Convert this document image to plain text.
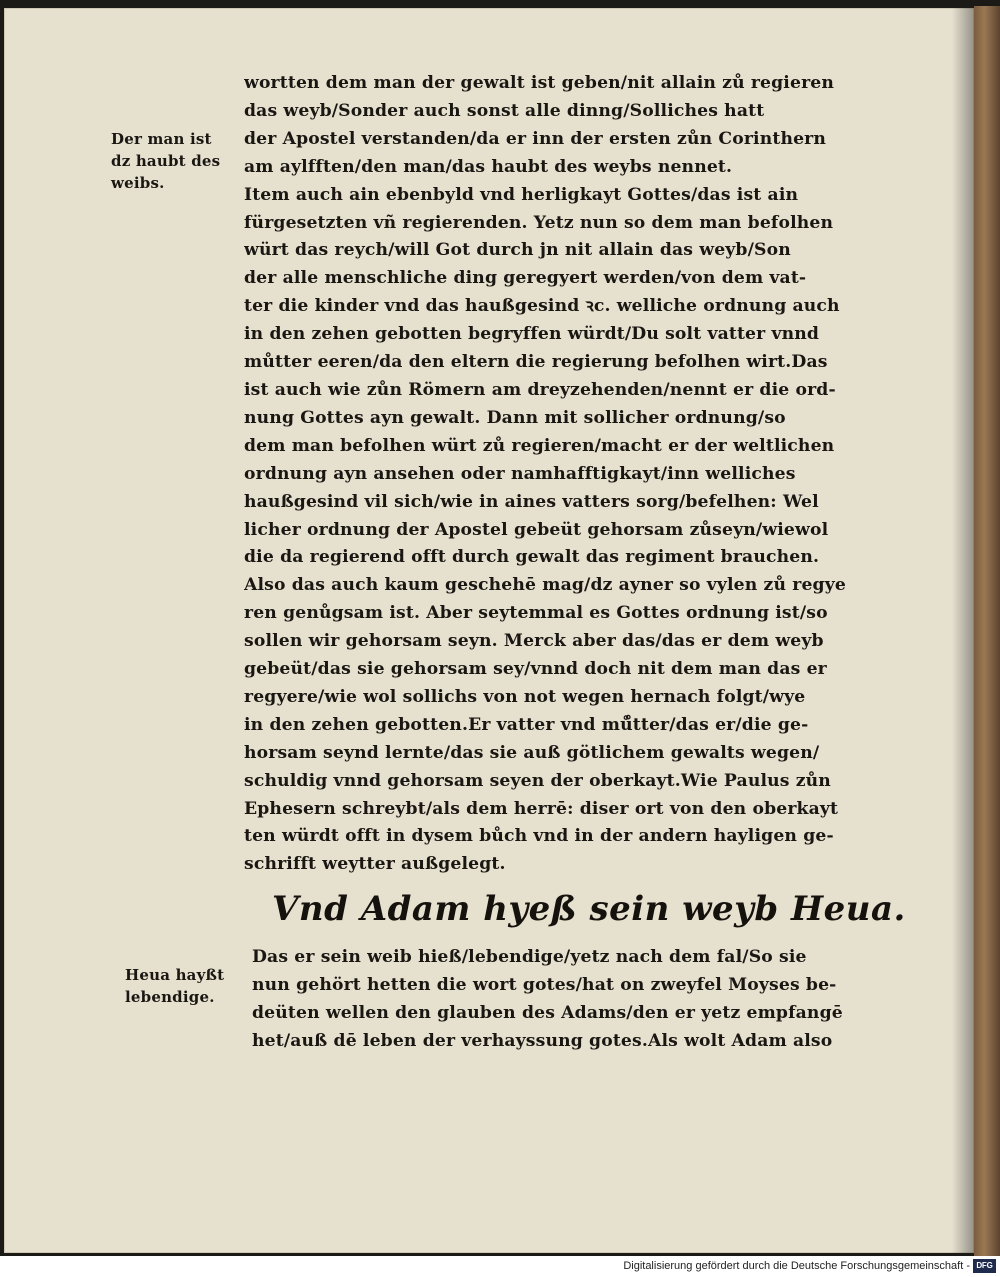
Der man ist
dz haubt des
weibs.
Heua hayßt
lebendige.
wortten dem man der gewalt ist geben/nit allain zů regieren
das weyb/Sonder auch sonst alle dinng/Solliches hatt
der Apostel verstanden/da er inn der ersten zůn Corinthern
am aylfften/den man/das haubt des weybs nennet.
Item auch ain ebenbyld vnd herligkayt Gottes/das ist ain
fürgesetzten vñ regierenden. Yetz nun so dem man befolhen
würt das reych/will Got durch jn nit allain das weyb/Son
der alle menschliche ding geregyert werden/von dem vat-
ter die kinder vnd das haußgesind ꝛc. welliche ordnung auch
in den zehen gebotten begryffen würdt/Du solt vatter vnnd
můtter eeren/da den eltern die regierung befolhen wirt.Das
ist auch wie zůn Römern am dreyzehenden/nennt er die ord-
nung Gottes ayn gewalt. Dann mit sollicher ordnung/so
dem man befolhen würt zů regieren/macht er der weltlichen
ordnung ayn ansehen oder namhafftigkayt/inn welliches
haußgesind vil sich/wie in aines vatters sorg/befelhen: Wel
licher ordnung der Apostel gebeüt gehorsam zůseyn/wiewol
die da regierend offt durch gewalt das regiment brauchen.
Also das auch kaum geschehē mag/dz ayner so vylen zů regye
ren genůgsam ist. Aber seytemmal es Gottes ordnung ist/so
sollen wir gehorsam seyn. Merck aber das/das er dem weyb
gebeüt/das sie gehorsam sey/vnnd doch nit dem man das er
regyere/wie wol sollichs von not wegen hernach folgt/wye
in den zehen gebotten.Er vatter vnd mů̊tter/das er/die ge-
horsam seynd lernte/das sie auß götlichem gewalts wegen/
schuldig vnnd gehorsam seyen der oberkayt.Wie Paulus zůn
Ephesern schreybt/als dem herrē: diser ort von den oberkayt
ten würdt offt in dysem bůch vnd in der andern hayligen ge-
schrifft weytter außgelegt.
Vnd Adam hyeß sein weyb Heua.
Das er sein weib hieß/lebendige/yetz nach dem fal/So sie
nun gehört hetten die wort gotes/hat on zweyfel Moyses be-
deüten wellen den glauben des Adams/den er yetz empfangē
het/auß dē leben der verhayssung gotes.Als wolt Adam also
Digitalisierung gefördert durch die Deutsche Forschungsgemeinschaft - DFG
